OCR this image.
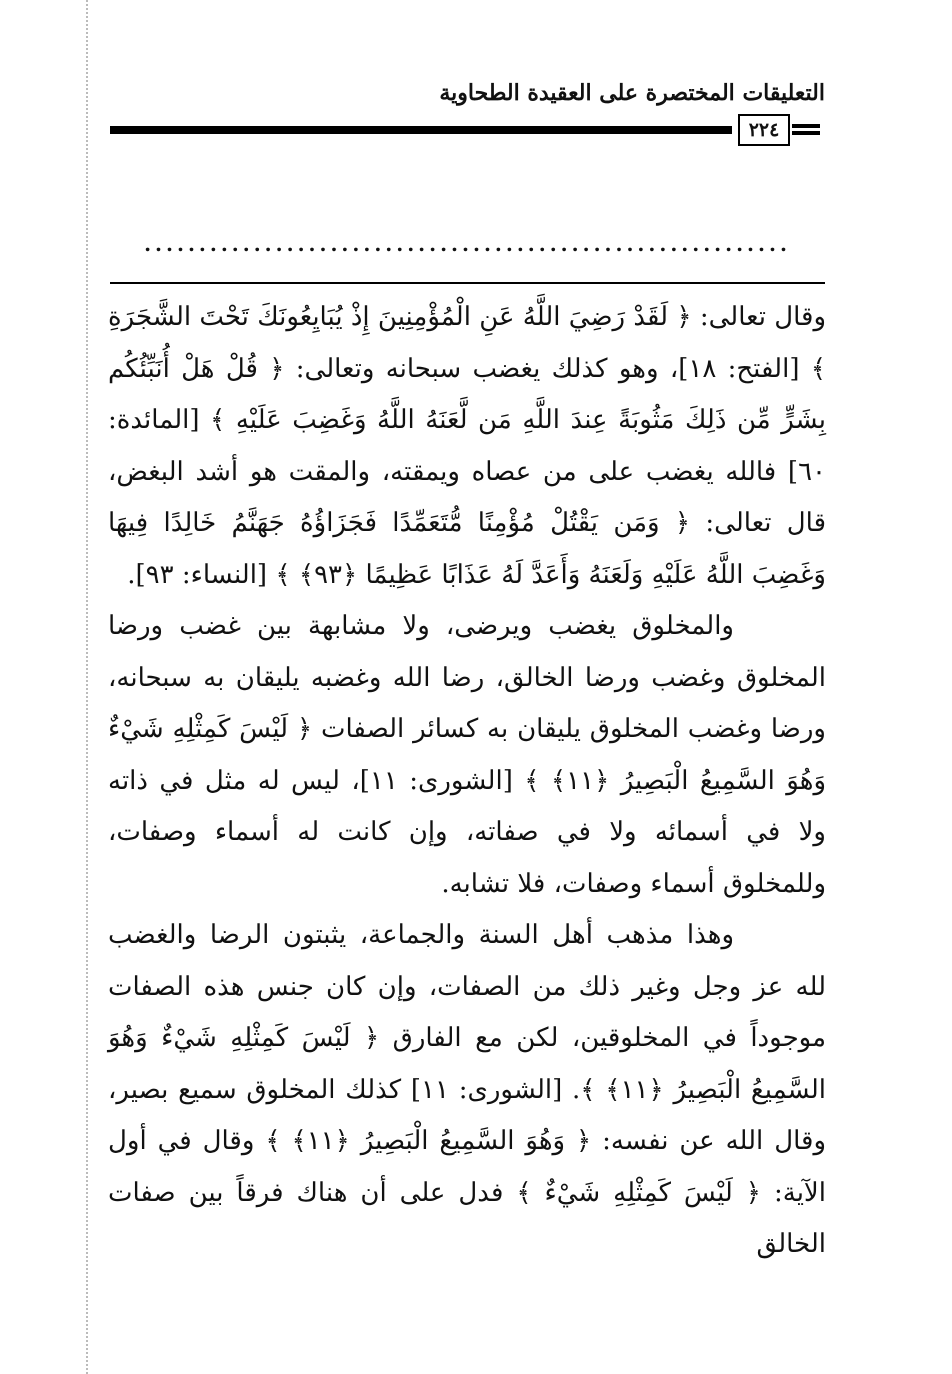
التعليقات المختصرة على العقيدة الطحاوية
٢٢٤
...........................................................

وقال تعالى: ﴿ لَقَدْ رَضِيَ اللَّهُ عَنِ الْمُؤْمِنِينَ إِذْ يُبَايِعُونَكَ تَحْتَ الشَّجَرَةِ ﴾ [الفتح: ١٨]، وهو كذلك يغضب سبحانه وتعالى: ﴿ قُلْ هَلْ أُنَبِّئُكُم بِشَرٍّ مِّن ذَلِكَ مَثُوبَةً عِندَ اللَّهِ مَن لَّعَنَهُ اللَّهُ وَغَضِبَ عَلَيْهِ ﴾ [المائدة: ٦٠] فالله يغضب على من عصاه ويمقته، والمقت هو أشد البغض، قال تعالى: ﴿ وَمَن يَقْتُلْ مُؤْمِنًا مُّتَعَمِّدًا فَجَزَاؤُهُ جَهَنَّمُ خَالِدًا فِيهَا وَغَضِبَ اللَّهُ عَلَيْهِ وَلَعَنَهُ وَأَعَدَّ لَهُ عَذَابًا عَظِيمًا ﴿٩٣﴾ ﴾ [النساء: ٩٣].

والمخلوق يغضب ويرضى، ولا مشابهة بين غضب ورضا المخلوق وغضب ورضا الخالق، رضا الله وغضبه يليقان به سبحانه، ورضا وغضب المخلوق يليقان به كسائر الصفات ﴿ لَيْسَ كَمِثْلِهِ شَيْءٌ وَهُوَ السَّمِيعُ الْبَصِيرُ ﴿١١﴾ ﴾ [الشورى: ١١]، ليس له مثل في ذاته ولا في أسمائه ولا في صفاته، وإن كانت له أسماء وصفات، وللمخلوق أسماء وصفات، فلا تشابه.

وهذا مذهب أهل السنة والجماعة، يثبتون الرضا والغضب لله عز وجل وغير ذلك من الصفات، وإن كان جنس هذه الصفات موجوداً في المخلوقين، لكن مع الفارق ﴿ لَيْسَ كَمِثْلِهِ شَيْءٌ وَهُوَ السَّمِيعُ الْبَصِيرُ ﴿١١﴾ ﴾. [الشورى: ١١] كذلك المخلوق سميع بصير، وقال الله عن نفسه: ﴿ وَهُوَ السَّمِيعُ الْبَصِيرُ ﴿١١﴾ ﴾ وقال في أول الآية: ﴿ لَيْسَ كَمِثْلِهِ شَيْءٌ ﴾ فدل على أن هناك فرقاً بين صفات الخالق
